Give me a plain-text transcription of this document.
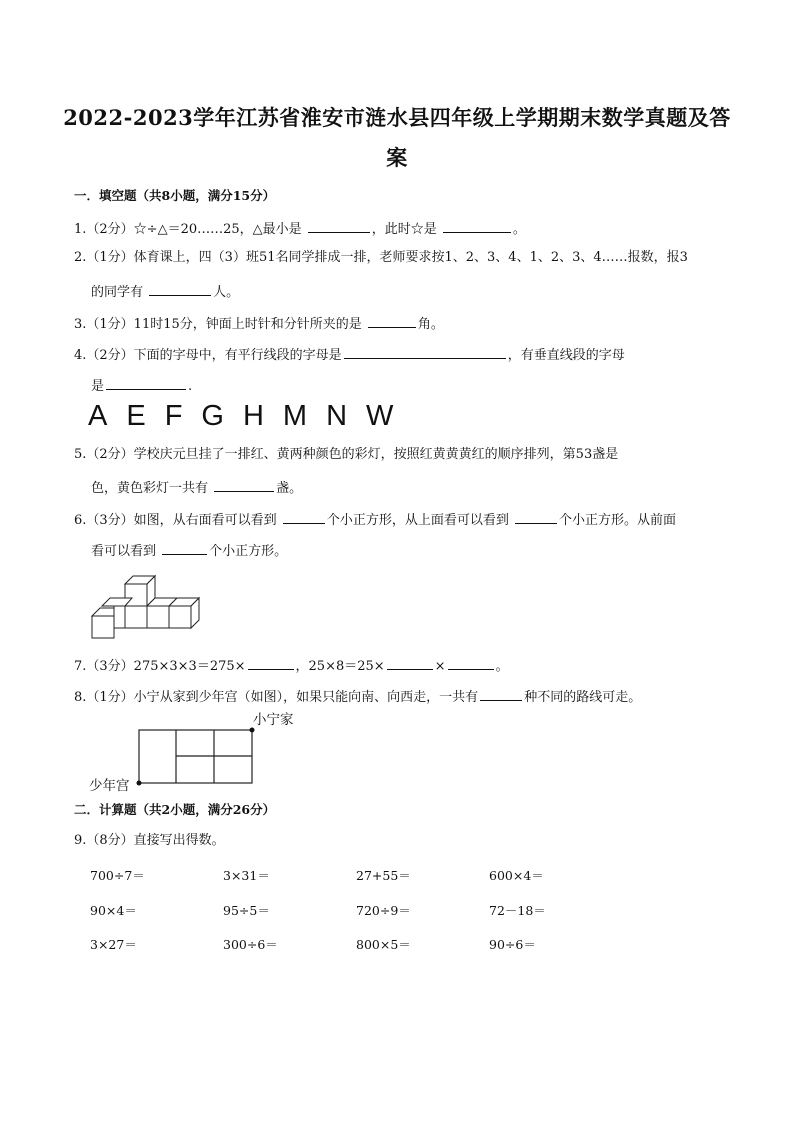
2022-2023学年江苏省淮安市涟水县四年级上学期期末数学真题及答
案
一．填空题（共8小题，满分15分）
1.（2分）☆÷△＝20……25，△最小是	，此时☆是	。
2.（1分）体育课上，四（3）班51名同学排成一排，老师要求按1、2、3、4、1、2、3、4……报数，报3
的同学有	人。
3.（1分）11时15分，钟面上时针和分针所夹的是	角。
4.（2分）下面的字母中，有平行线段的字母是	，有垂直线段的字母
是	.
A E F G H M N W
5.（2分）学校庆元旦挂了一排红、黄两种颜色的彩灯，按照红黄黄黄红的顺序排列，第53盏是
色，黄色彩灯一共有	盏。
6.（3分）如图，从右面看可以看到	个小正方形，从上面看可以看到	个小正方形。从前面
看可以看到	个小正方形。
7.（3分）275×3×3＝275×	，25×8＝25×	×	。
8.（1分）小宁从家到少年宫（如图），如果只能向南、向西走，一共有	种不同的路线可走。
小宁家
少年宫
二．计算题（共2小题，满分26分）
9.（8分）直接写出得数。
700÷7＝	3×31＝	27+55＝	600×4＝
90×4＝	95÷5＝	720÷9＝	72－18＝
3×27＝	300÷6＝	800×5＝	90÷6＝
